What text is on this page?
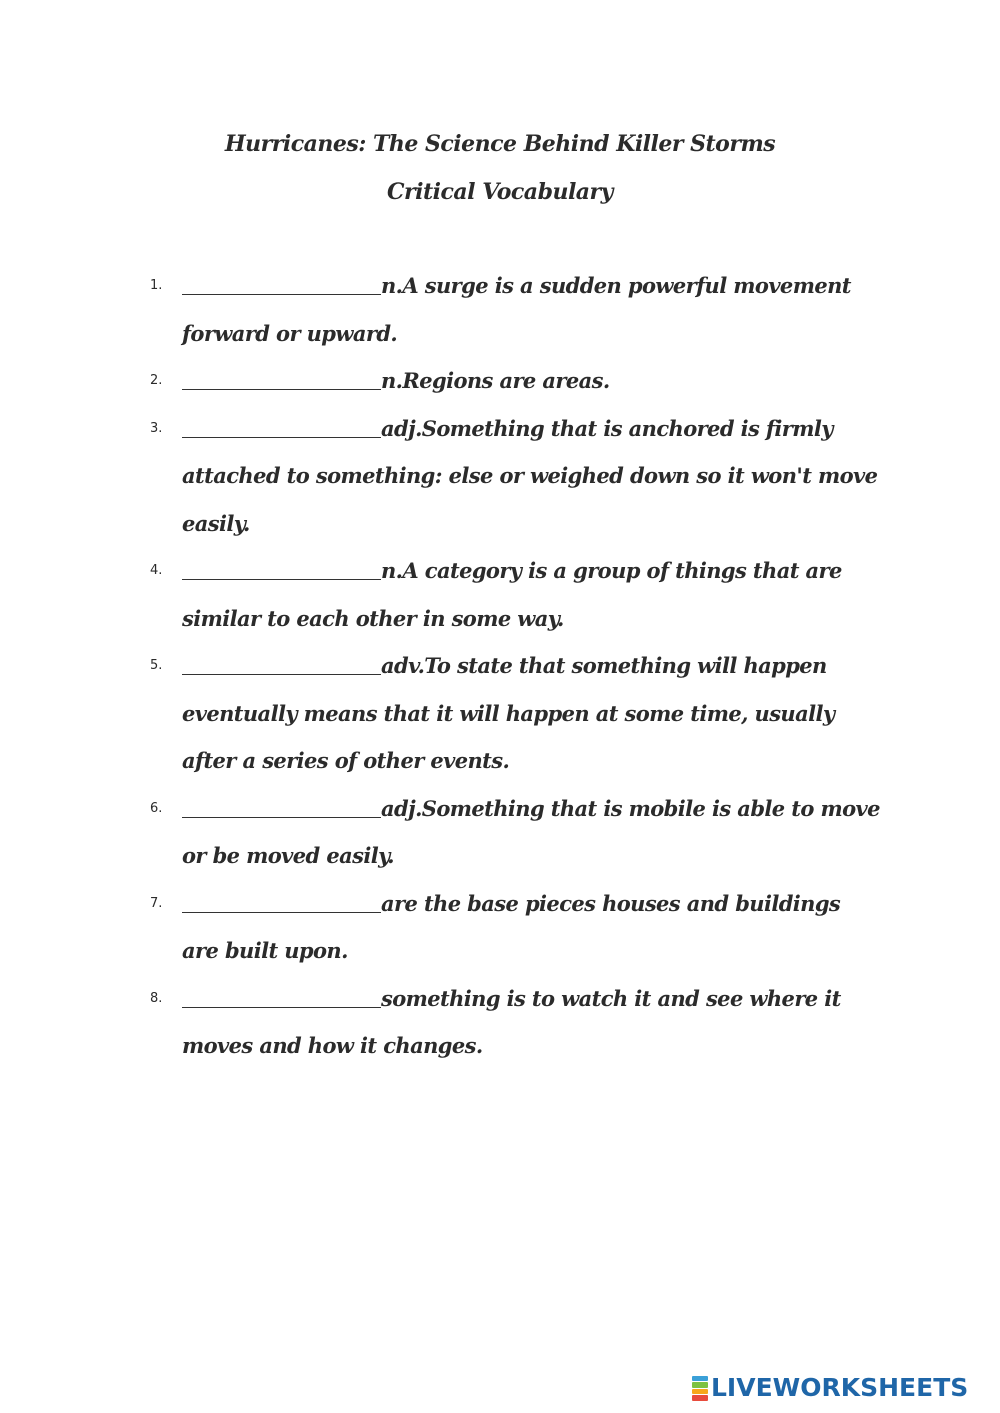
Hurricanes: The Science Behind Killer Storms
Critical Vocabulary
1.	n.A surge is a sudden powerful movement forward or upward.
2.	n.Regions are areas.
3.	adj.Something that is anchored is firmly attached to something: else or weighed down so it won't move easily.
4.	n.A category is a group of things that are similar to each other in some way.
5.	adv.To state that something will happen eventually means that it will happen at some time, usually after a series of other events.
6.	adj.Something that is mobile is able to move or be moved easily.
7.	are the base pieces houses and buildings are built upon.
8.	something is to watch it and see where it moves and how it changes.
LIVEWORKSHEETS
